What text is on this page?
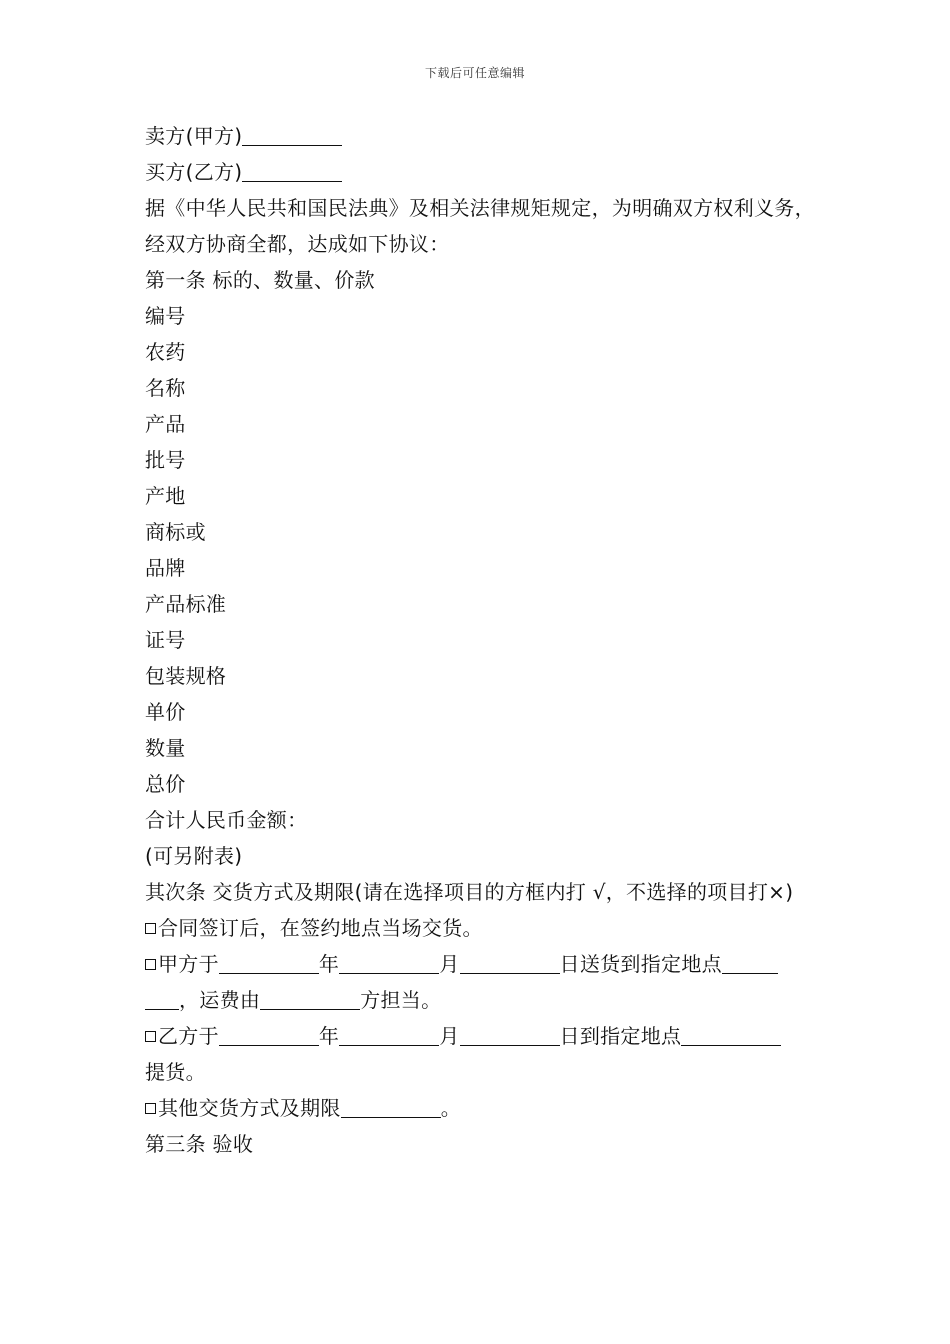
下载后可任意编辑
卖方(甲方)
买方(乙方)
据《中华人民共和国民法典》及相关法律规矩规定，为明确双方权利义务，经双方协商全都，达成如下协议：
第一条 标的、数量、价款
编号
农药
名称
产品
批号
产地
商标或
品牌
产品标准
证号
包装规格
单价
数量
总价
合计人民币金额：
(可另附表)
其次条 交货方式及期限(请在选择项目的方框内打 √，不选择的项目打×)
合同签订后，在签约地点当场交货。
甲方于	年	月	日送货到指定地点
，运费由	方担当。
乙方于	年	月	日到指定地点
提货。
其他交货方式及期限	。
第三条 验收
